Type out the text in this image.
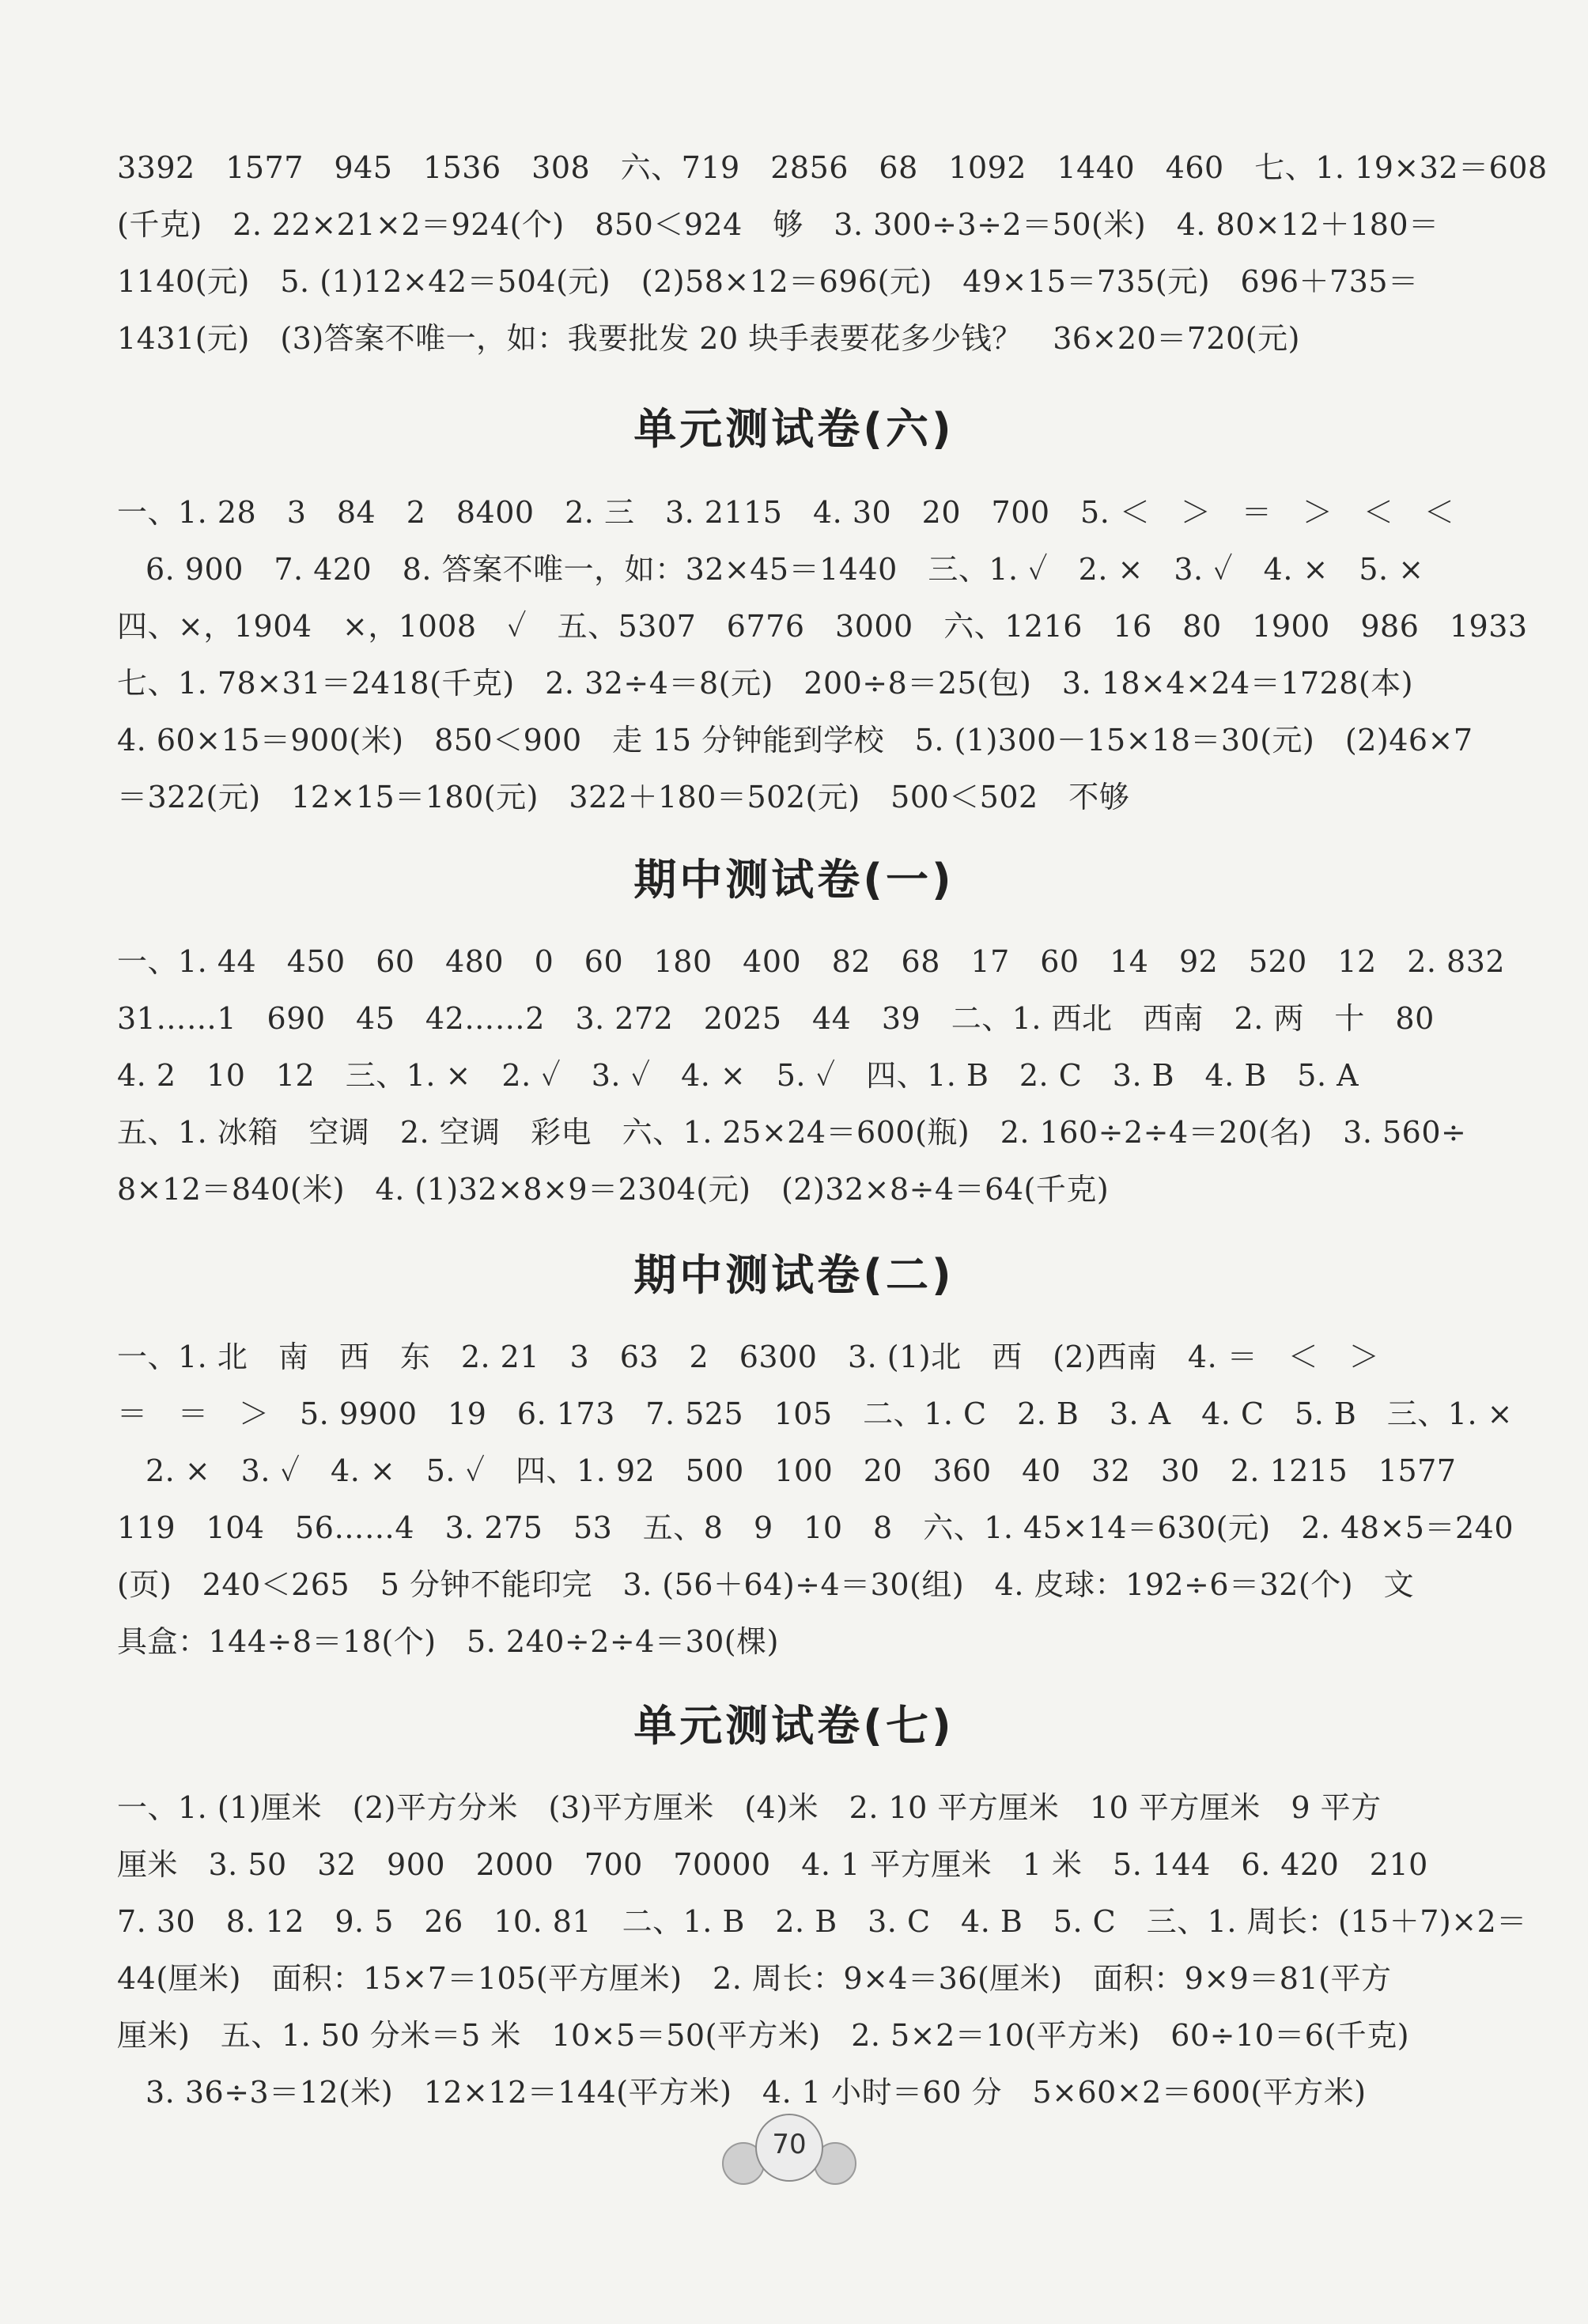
3392　1577　945　1536　308　六、719　2856　68　1092　1440　460　七、1. 19×32＝608
(千克)　2. 22×21×2＝924(个)　850＜924　够　3. 300÷3÷2＝50(米)　4. 80×12＋180＝
1140(元)　5. (1)12×42＝504(元)　(2)58×12＝696(元)　49×15＝735(元)　696＋735＝
1431(元)　(3)答案不唯一，如：我要批发 20 块手表要花多少钱？　36×20＝720(元)
单元测试卷(六)
一、1. 28　3　84　2　8400　2. 三　3. 2115　4. 30　20　700　5. ＜　＞　＝　＞　＜　＜
6. 900　7. 420　8. 答案不唯一，如：32×45＝1440　三、1. ✓　2. ×　3. ✓　4. ×　5. ×
四、×，1904　×，1008　✓　五、5307　6776　3000　六、1216　16　80　1900　986　1933
七、1. 78×31＝2418(千克)　2. 32÷4＝8(元)　200÷8＝25(包)　3. 18×4×24＝1728(本)
4. 60×15＝900(米)　850＜900　走 15 分钟能到学校　5. (1)300－15×18＝30(元)　(2)46×7
＝322(元)　12×15＝180(元)　322＋180＝502(元)　500＜502　不够
期中测试卷(一)
一、1. 44　450　60　480　0　60　180　400　82　68　17　60　14　92　520　12　2. 832
31……1　690　45　42……2　3. 272　2025　44　39　二、1. 西北　西南　2. 两　十　80
4. 2　10　12　三、1. ×　2. ✓　3. ✓　4. ×　5. ✓　四、1. B　2. C　3. B　4. B　5. A
五、1. 冰箱　空调　2. 空调　彩电　六、1. 25×24＝600(瓶)　2. 160÷2÷4＝20(名)　3. 560÷
8×12＝840(米)　4. (1)32×8×9＝2304(元)　(2)32×8÷4＝64(千克)
期中测试卷(二)
一、1. 北　南　西　东　2. 21　3　63　2　6300　3. (1)北　西　(2)西南　4. ＝　＜　＞
＝　＝　＞　5. 9900　19　6. 173　7. 525　105　二、1. C　2. B　3. A　4. C　5. B　三、1. ×
2. ×　3. ✓　4. ×　5. ✓　四、1. 92　500　100　20　360　40　32　30　2. 1215　1577
119　104　56……4　3. 275　53　五、8　9　10　8　六、1. 45×14＝630(元)　2. 48×5＝240
(页)　240＜265　5 分钟不能印完　3. (56＋64)÷4＝30(组)　4. 皮球：192÷6＝32(个)　文
具盒：144÷8＝18(个)　5. 240÷2÷4＝30(棵)
单元测试卷(七)
一、1. (1)厘米　(2)平方分米　(3)平方厘米　(4)米　2. 10 平方厘米　10 平方厘米　9 平方
厘米　3. 50　32　900　2000　700　70000　4. 1 平方厘米　1 米　5. 144　6. 420　210
7. 30　8. 12　9. 5　26　10. 81　二、1. B　2. B　3. C　4. B　5. C　三、1. 周长：(15＋7)×2＝
44(厘米)　面积：15×7＝105(平方厘米)　2. 周长：9×4＝36(厘米)　面积：9×9＝81(平方
厘米)　五、1. 50 分米＝5 米　10×5＝50(平方米)　2. 5×2＝10(平方米)　60÷10＝6(千克)
3. 36÷3＝12(米)　12×12＝144(平方米)　4. 1 小时＝60 分　5×60×2＝600(平方米)
70
